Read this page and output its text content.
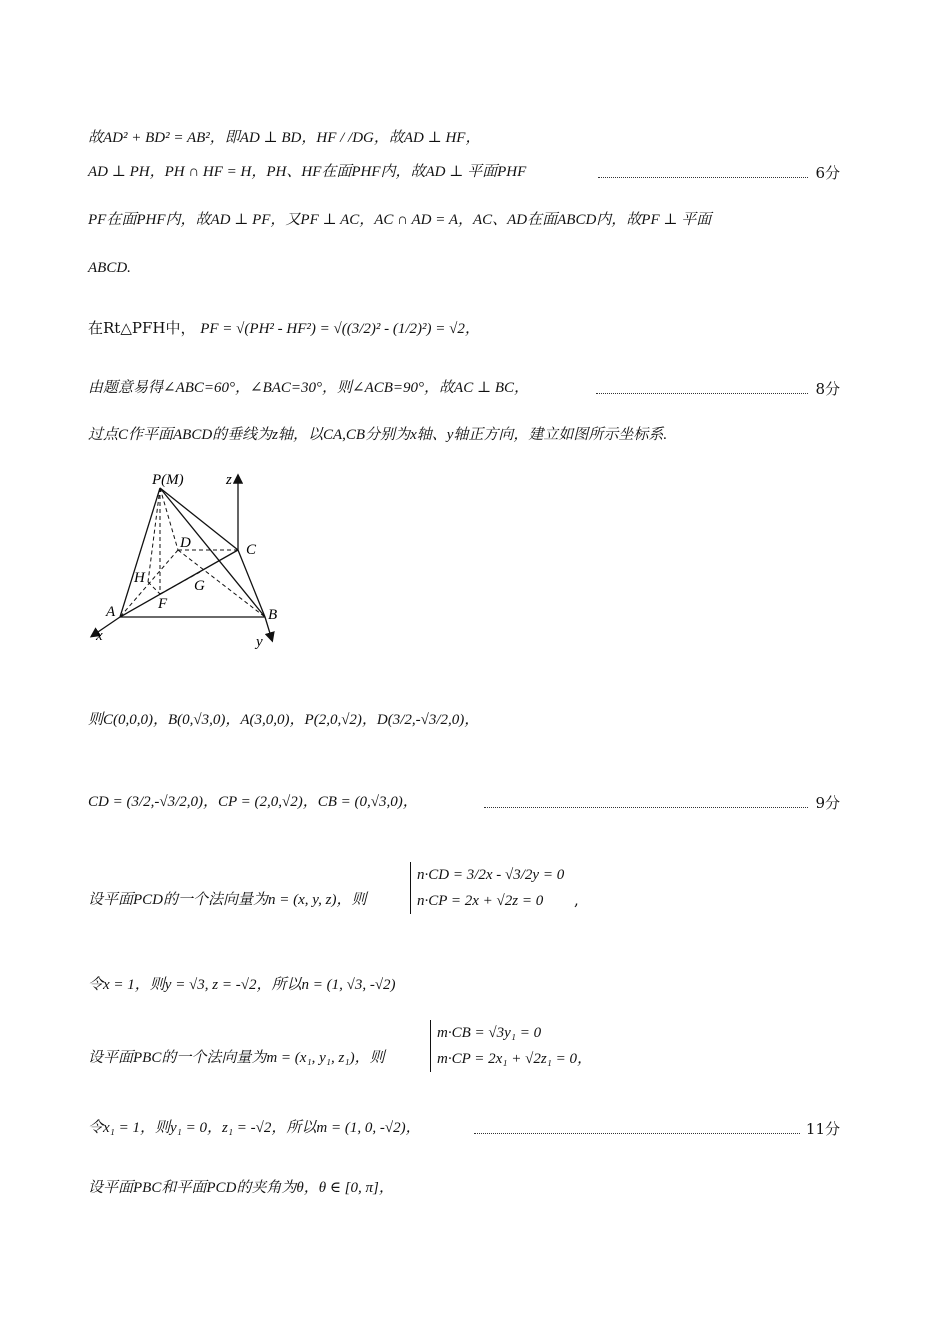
故AD² + BD² = AB²，即AD ⊥ BD，HF / /DG，故AD ⊥ HF，
AD ⊥ PH，PH ∩ HF = H，PH、HF在面PHF内，故AD ⊥ 平面PHF	6分
PF在面PHF内，故AD ⊥ PF，又PF ⊥ AC，AC ∩ AD = A，AC、AD在面ABCD内，故PF ⊥ 平面
ABCD.
在Rt△PFH中， PF = √(PH² - HF²) = √((3/2)² - (1/2)²) = √2，
由题意易得∠ABC=60°，∠BAC=30°，则∠ACB=90°，故AC ⊥ BC，	8分
过点C作平面ABCD的垂线为z轴，以CA,CB分别为x轴、y轴正方向，建立如图所示坐标系.
P(M)	z
C
D
H	G
F
A	B
x	y
则C(0,0,0)，B(0,√3,0)，A(3,0,0)，P(2,0,√2)，D(3/2,-√3/2,0)，
CD = (3/2,-√3/2,0)，CP = (2,0,√2)，CB = (0,√3,0)，	9分
设平面PCD的一个法向量为n = (x, y, z)，则
n·CD = 3/2x - √3/2y = 0
n·CP = 2x + √2z = 0	,
令x = 1，则y = √3, z = -√2，所以n = (1, √3, -√2)
设平面PBC的一个法向量为m = (x₁, y₁, z₁)，则
m·CB = √3y₁ = 0
m·CP = 2x₁ + √2z₁ = 0，
令x₁ = 1，则y₁ = 0，z₁ = -√2，所以m = (1, 0, -√2)，	11分
设平面PBC和平面PCD的夹角为θ，θ ∈ [0, π]，
